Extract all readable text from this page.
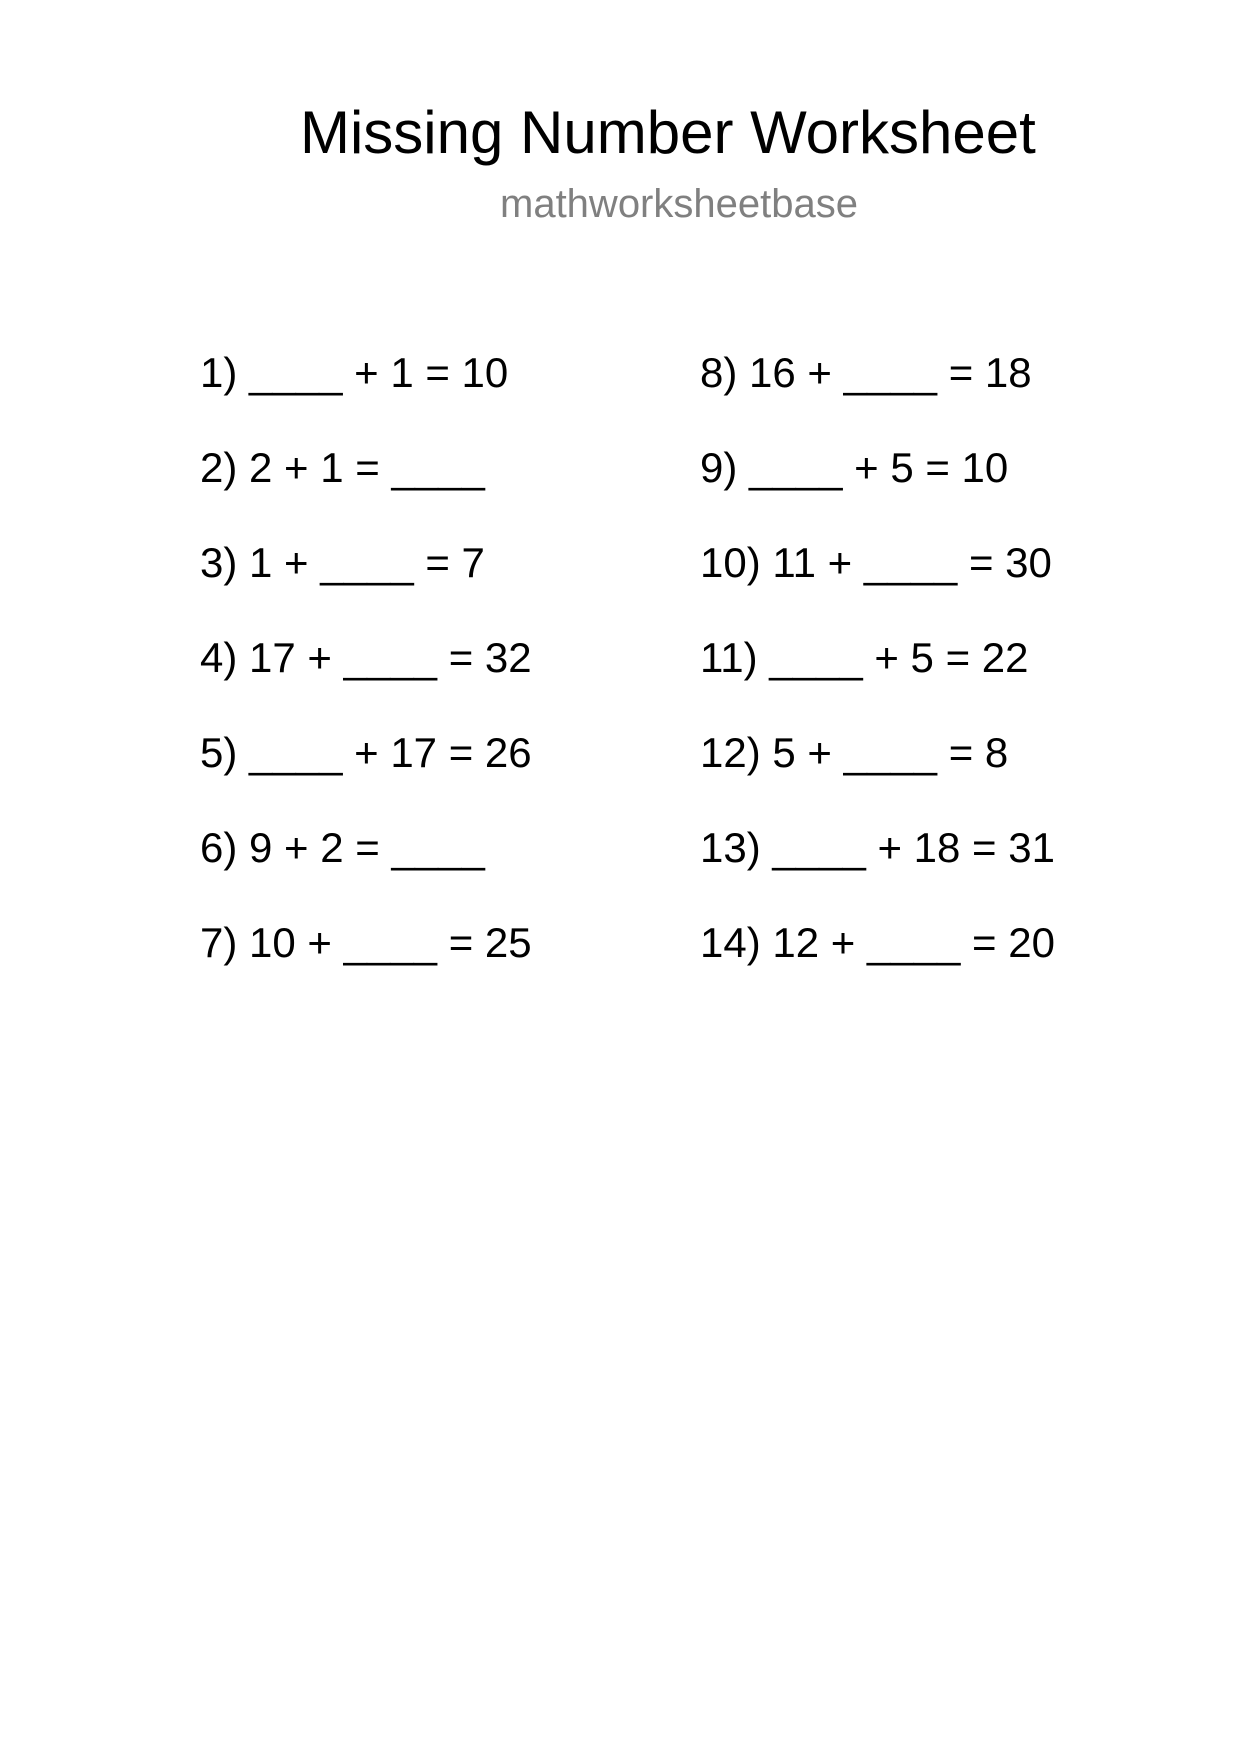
Missing Number Worksheet
mathworksheetbase
1) ____ + 1 = 10
2) 2 + 1 = ____
3) 1 + ____ = 7
4) 17 + ____ = 32
5) ____ + 17 = 26
6) 9 + 2 = ____
7) 10 + ____ = 25
8) 16 + ____ = 18
9) ____ + 5 = 10
10) 11 + ____ = 30
11) ____ + 5 = 22
12) 5 + ____ = 8
13) ____ + 18 = 31
14) 12 + ____ = 20
